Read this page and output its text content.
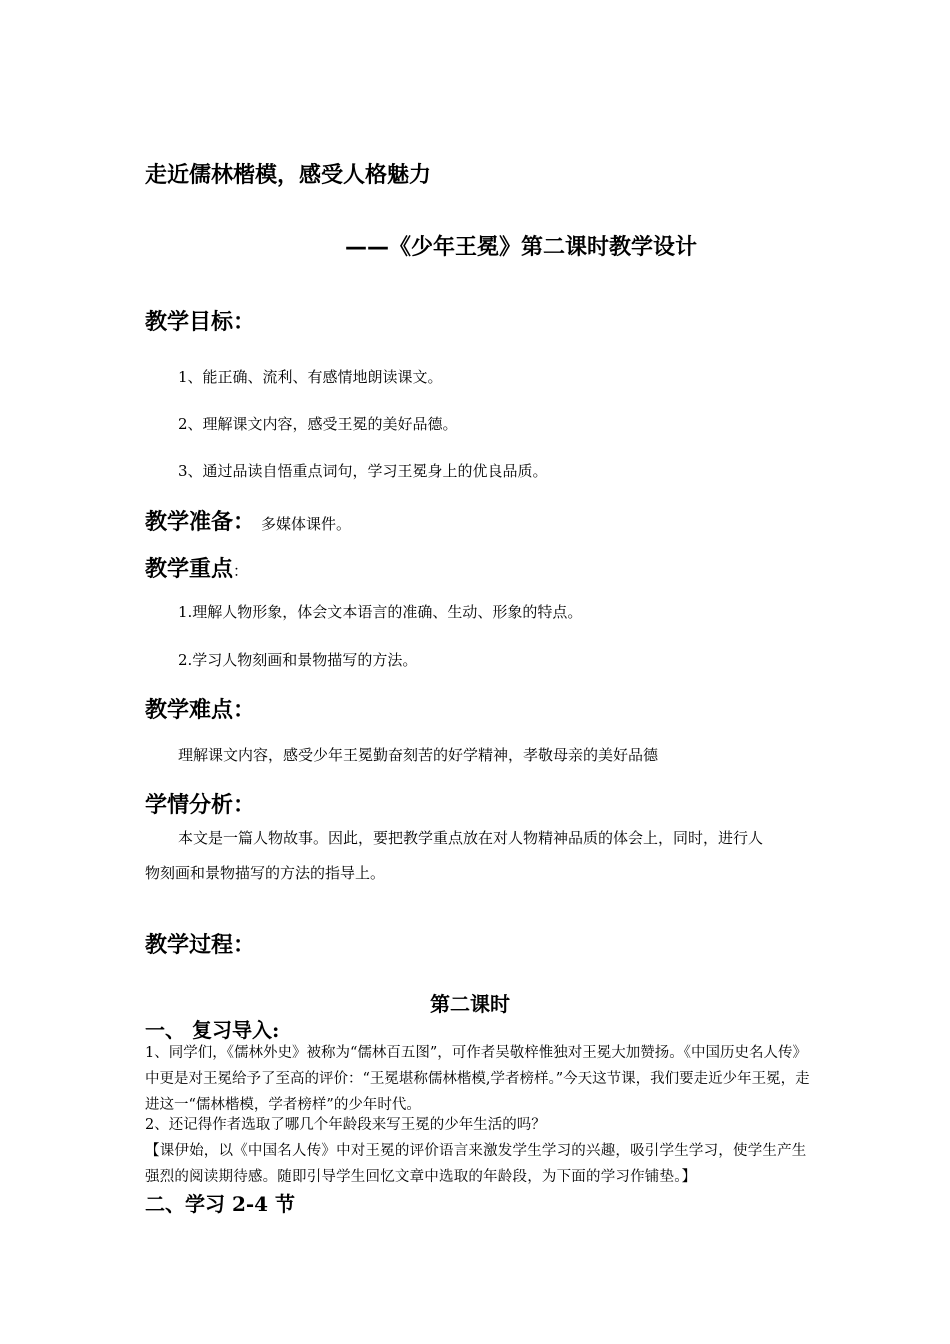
走近儒林楷模，感受人格魅力
——《少年王冕》第二课时教学设计
教学目标：
1、能正确、流利、有感情地朗读课文。
2、理解课文内容，感受王冕的美好品德。
3、通过品读自悟重点词句，学习王冕身上的优良品质。
教学准备： 多媒体课件。
教学重点：
1.理解人物形象，体会文本语言的准确、生动、形象的特点。
2.学习人物刻画和景物描写的方法。
教学难点：
理解课文内容，感受少年王冕勤奋刻苦的好学精神，孝敬母亲的美好品德
学情分析：
本文是一篇人物故事。因此，要把教学重点放在对人物精神品质的体会上，同时，进行人
物刻画和景物描写的方法的指导上。
教学过程：
第二课时
一、 复习导入:
1、同学们，《儒林外史》被称为“儒林百五图”，可作者吴敬梓惟独对王冕大加赞扬。《中国历史名人传》中更是对王冕给予了至高的评价：“王冕堪称儒林楷模,学者榜样。”今天这节课，我们要走近少年王冕，走进这一“儒林楷模，学者榜样”的少年时代。
2、还记得作者选取了哪几个年龄段来写王冕的少年生活的吗？
【课伊始，以《中国名人传》中对王冕的评价语言来激发学生学习的兴趣，吸引学生学习，使学生产生强烈的阅读期待感。随即引导学生回忆文章中选取的年龄段，为下面的学习作铺垫。】
二、学习 2-4 节
